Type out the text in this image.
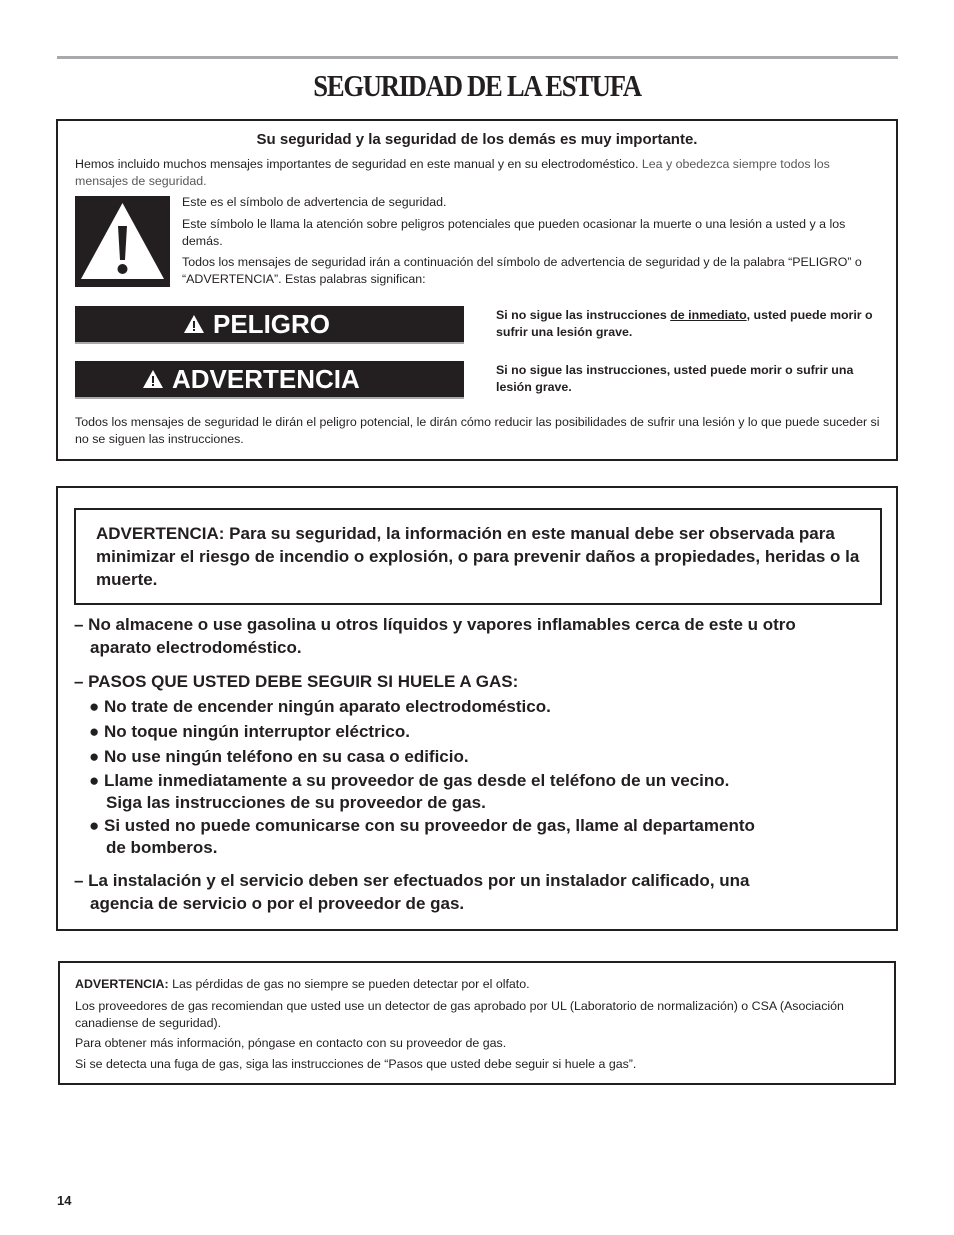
SEGURIDAD DE LA ESTUFA
Su seguridad y la seguridad de los demás es muy importante.
Hemos incluido muchos mensajes importantes de seguridad en este manual y en su electrodoméstico. Lea y obedezca siempre todos los mensajes de seguridad.
Este es el símbolo de advertencia de seguridad.
Este símbolo le llama la atención sobre peligros potenciales que pueden ocasionar la muerte o una lesión a usted y a los demás.
Todos los mensajes de seguridad irán a continuación del símbolo de advertencia de seguridad y de la palabra “PELIGRO” o “ADVERTENCIA”. Estas palabras significan:
PELIGRO	Si no sigue las instrucciones de inmediato, usted puede morir o sufrir una lesión grave.
ADVERTENCIA	Si no sigue las instrucciones, usted puede morir o sufrir una lesión grave.
Todos los mensajes de seguridad le dirán el peligro potencial, le dirán cómo reducir las posibilidades de sufrir una lesión y lo que puede suceder si no se siguen las instrucciones.
ADVERTENCIA: Para su seguridad, la información en este manual debe ser observada para minimizar el riesgo de incendio o explosión, o para prevenir daños a propiedades, heridas o la muerte.
– No almacene o use gasolina u otros líquidos y vapores inflamables cerca de este u otro
aparato electrodoméstico.
– PASOS QUE USTED DEBE SEGUIR SI HUELE A GAS:
● No trate de encender ningún aparato electrodoméstico.
● No toque ningún interruptor eléctrico.
● No use ningún teléfono en su casa o edificio.
● Llame inmediatamente a su proveedor de gas desde el teléfono de un vecino.
Siga las instrucciones de su proveedor de gas.
● Si usted no puede comunicarse con su proveedor de gas, llame al departamento
de bomberos.
– La instalación y el servicio deben ser efectuados por un instalador calificado, una
agencia de servicio o por el proveedor de gas.
ADVERTENCIA: Las pérdidas de gas no siempre se pueden detectar por el olfato.
Los proveedores de gas recomiendan que usted use un detector de gas aprobado por UL (Laboratorio de normalización) o CSA (Asociación canadiense de seguridad).
Para obtener más información, póngase en contacto con su proveedor de gas.
Si se detecta una fuga de gas, siga las instrucciones de “Pasos que usted debe seguir si huele a gas”.
14
